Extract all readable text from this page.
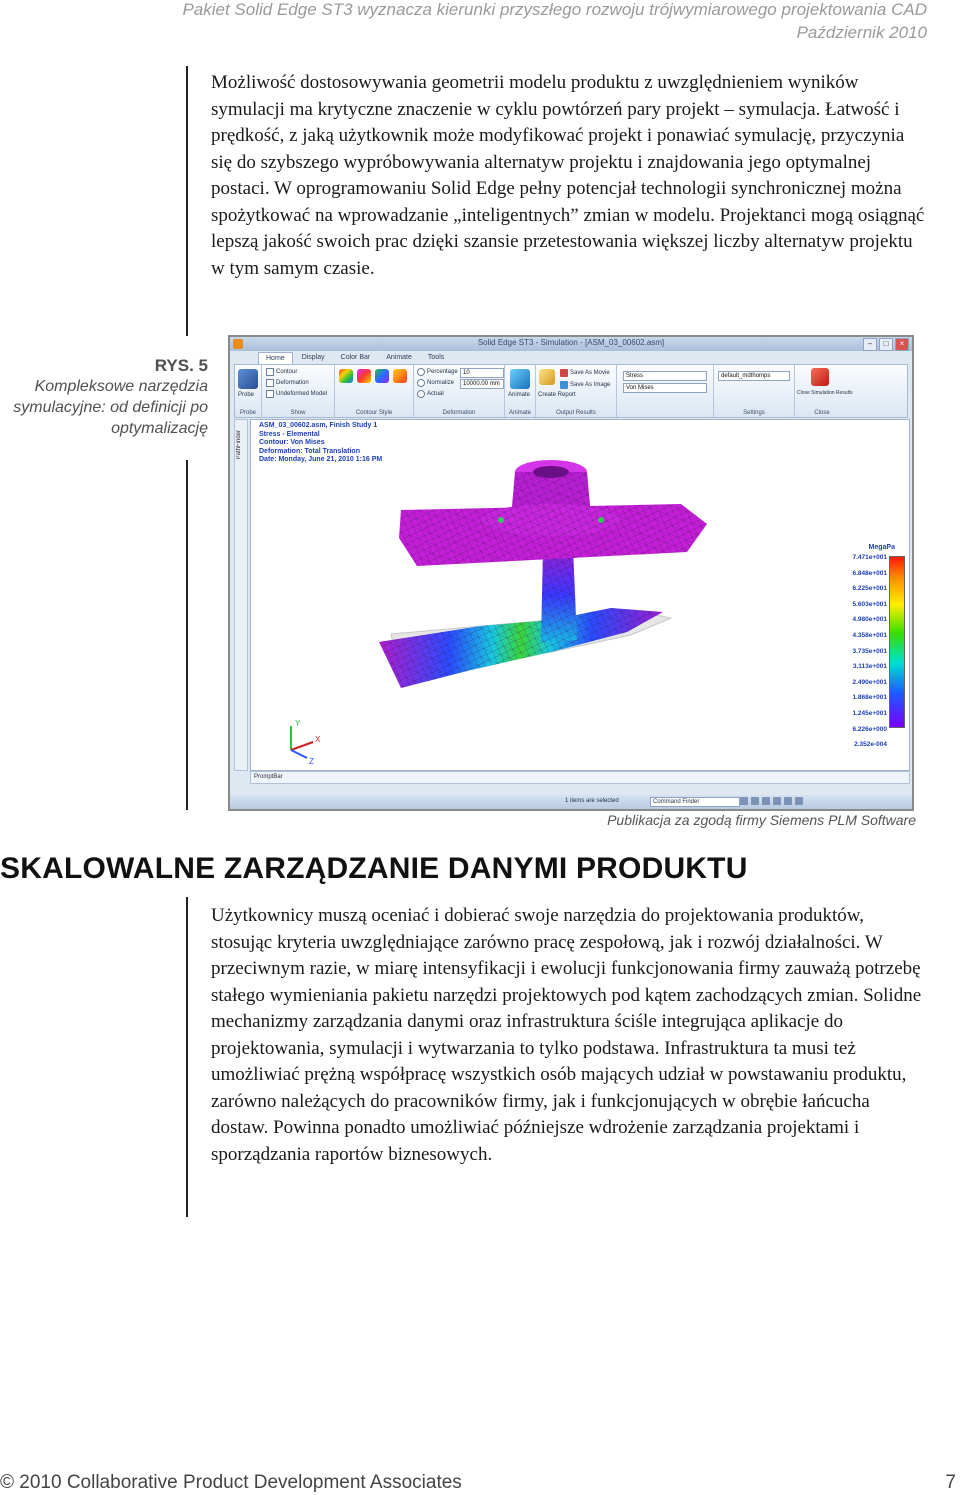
Pakiet Solid Edge ST3 wyznacza kierunki przyszłego rozwoju trójwymiarowego projektowania CAD
Październik 2010

Możliwość dostosowywania geometrii modelu produktu z uwzględnieniem wyników symulacji ma krytyczne znaczenie w cyklu powtórzeń pary projekt – symulacja. Łatwość i prędkość, z jaką użytkownik może modyfikować projekt i ponawiać symulację, przyczynia się do szybszego wypróbowywania alternatyw projektu i znajdowania jego optymalnej postaci. W oprogramowaniu Solid Edge pełny potencjał technologii synchronicznej można spożytkować na wprowadzanie „inteligentnych” zmian w modelu. Projektanci mogą osiągnąć lepszą jakość swoich prac dzięki szansie przetestowania większej liczby alternatyw projektu w tym samym czasie.

RYS. 5
Kompleksowe narzędzia symulacyjne: od definicji po optymalizację
Solid Edge ST3 - Simulation - [ASM_03_00602.asm]	–	□	×
Home	Display	Color Bar	Animate	Tools
Probe
Probe
Contour
Deformation
Undeformed Model
Show	Contour Style
Percentage 10
Normalize	10000.00 mm
Actual
Deformation
Animate
Animate
Create Report
Save As Movie
Save As Image
Output Results
Stress
Von Mises
default_mdthomps
Settings
Close Simulation Results
Close
PathFinder
ASM_03_00602.asm, Finish Study 1
Stress - Elemental
Contour: Von Mises
Deformation: Total Translation
Date: Monday, June 21, 2010 1:16 PM
Y
X
Z
MegaPa
7.471e+001
6.848e+001
6.225e+001
5.603e+001
4.980e+001
4.358e+001
3.735e+001
3.113e+001
2.490e+001
1.868e+001
1.245e+001
6.226e+000
2.352e-004
PromptBar
1 items are selected	Command Finder
Publikacja za zgodą firmy Siemens PLM Software
SKALOWALNE ZARZĄDZANIE DANYMI PRODUKTU

Użytkownicy muszą oceniać i dobierać swoje narzędzia do projektowania produktów, stosując kryteria uwzględniające zarówno pracę zespołową, jak i rozwój działalności. W przeciwnym razie, w miarę intensyfikacji i ewolucji funkcjonowania firmy zauważą potrzebę stałego wymieniania pakietu narzędzi projektowych pod kątem zachodzących zmian. Solidne mechanizmy zarządzania danymi oraz infrastruktura ściśle integrująca aplikacje do projektowania, symulacji i wytwarzania to tylko podstawa. Infrastruktura ta musi też umożliwiać prężną współpracę wszystkich osób mających udział w powstawaniu produktu, zarówno należących do pracowników firmy, jak i funkcjonujących w obrębie łańcucha dostaw. Powinna ponadto umożliwiać późniejsze wdrożenie zarządzania projektami i sporządzania raportów biznesowych.

© 2010 Collaborative Product Development Associates	7
